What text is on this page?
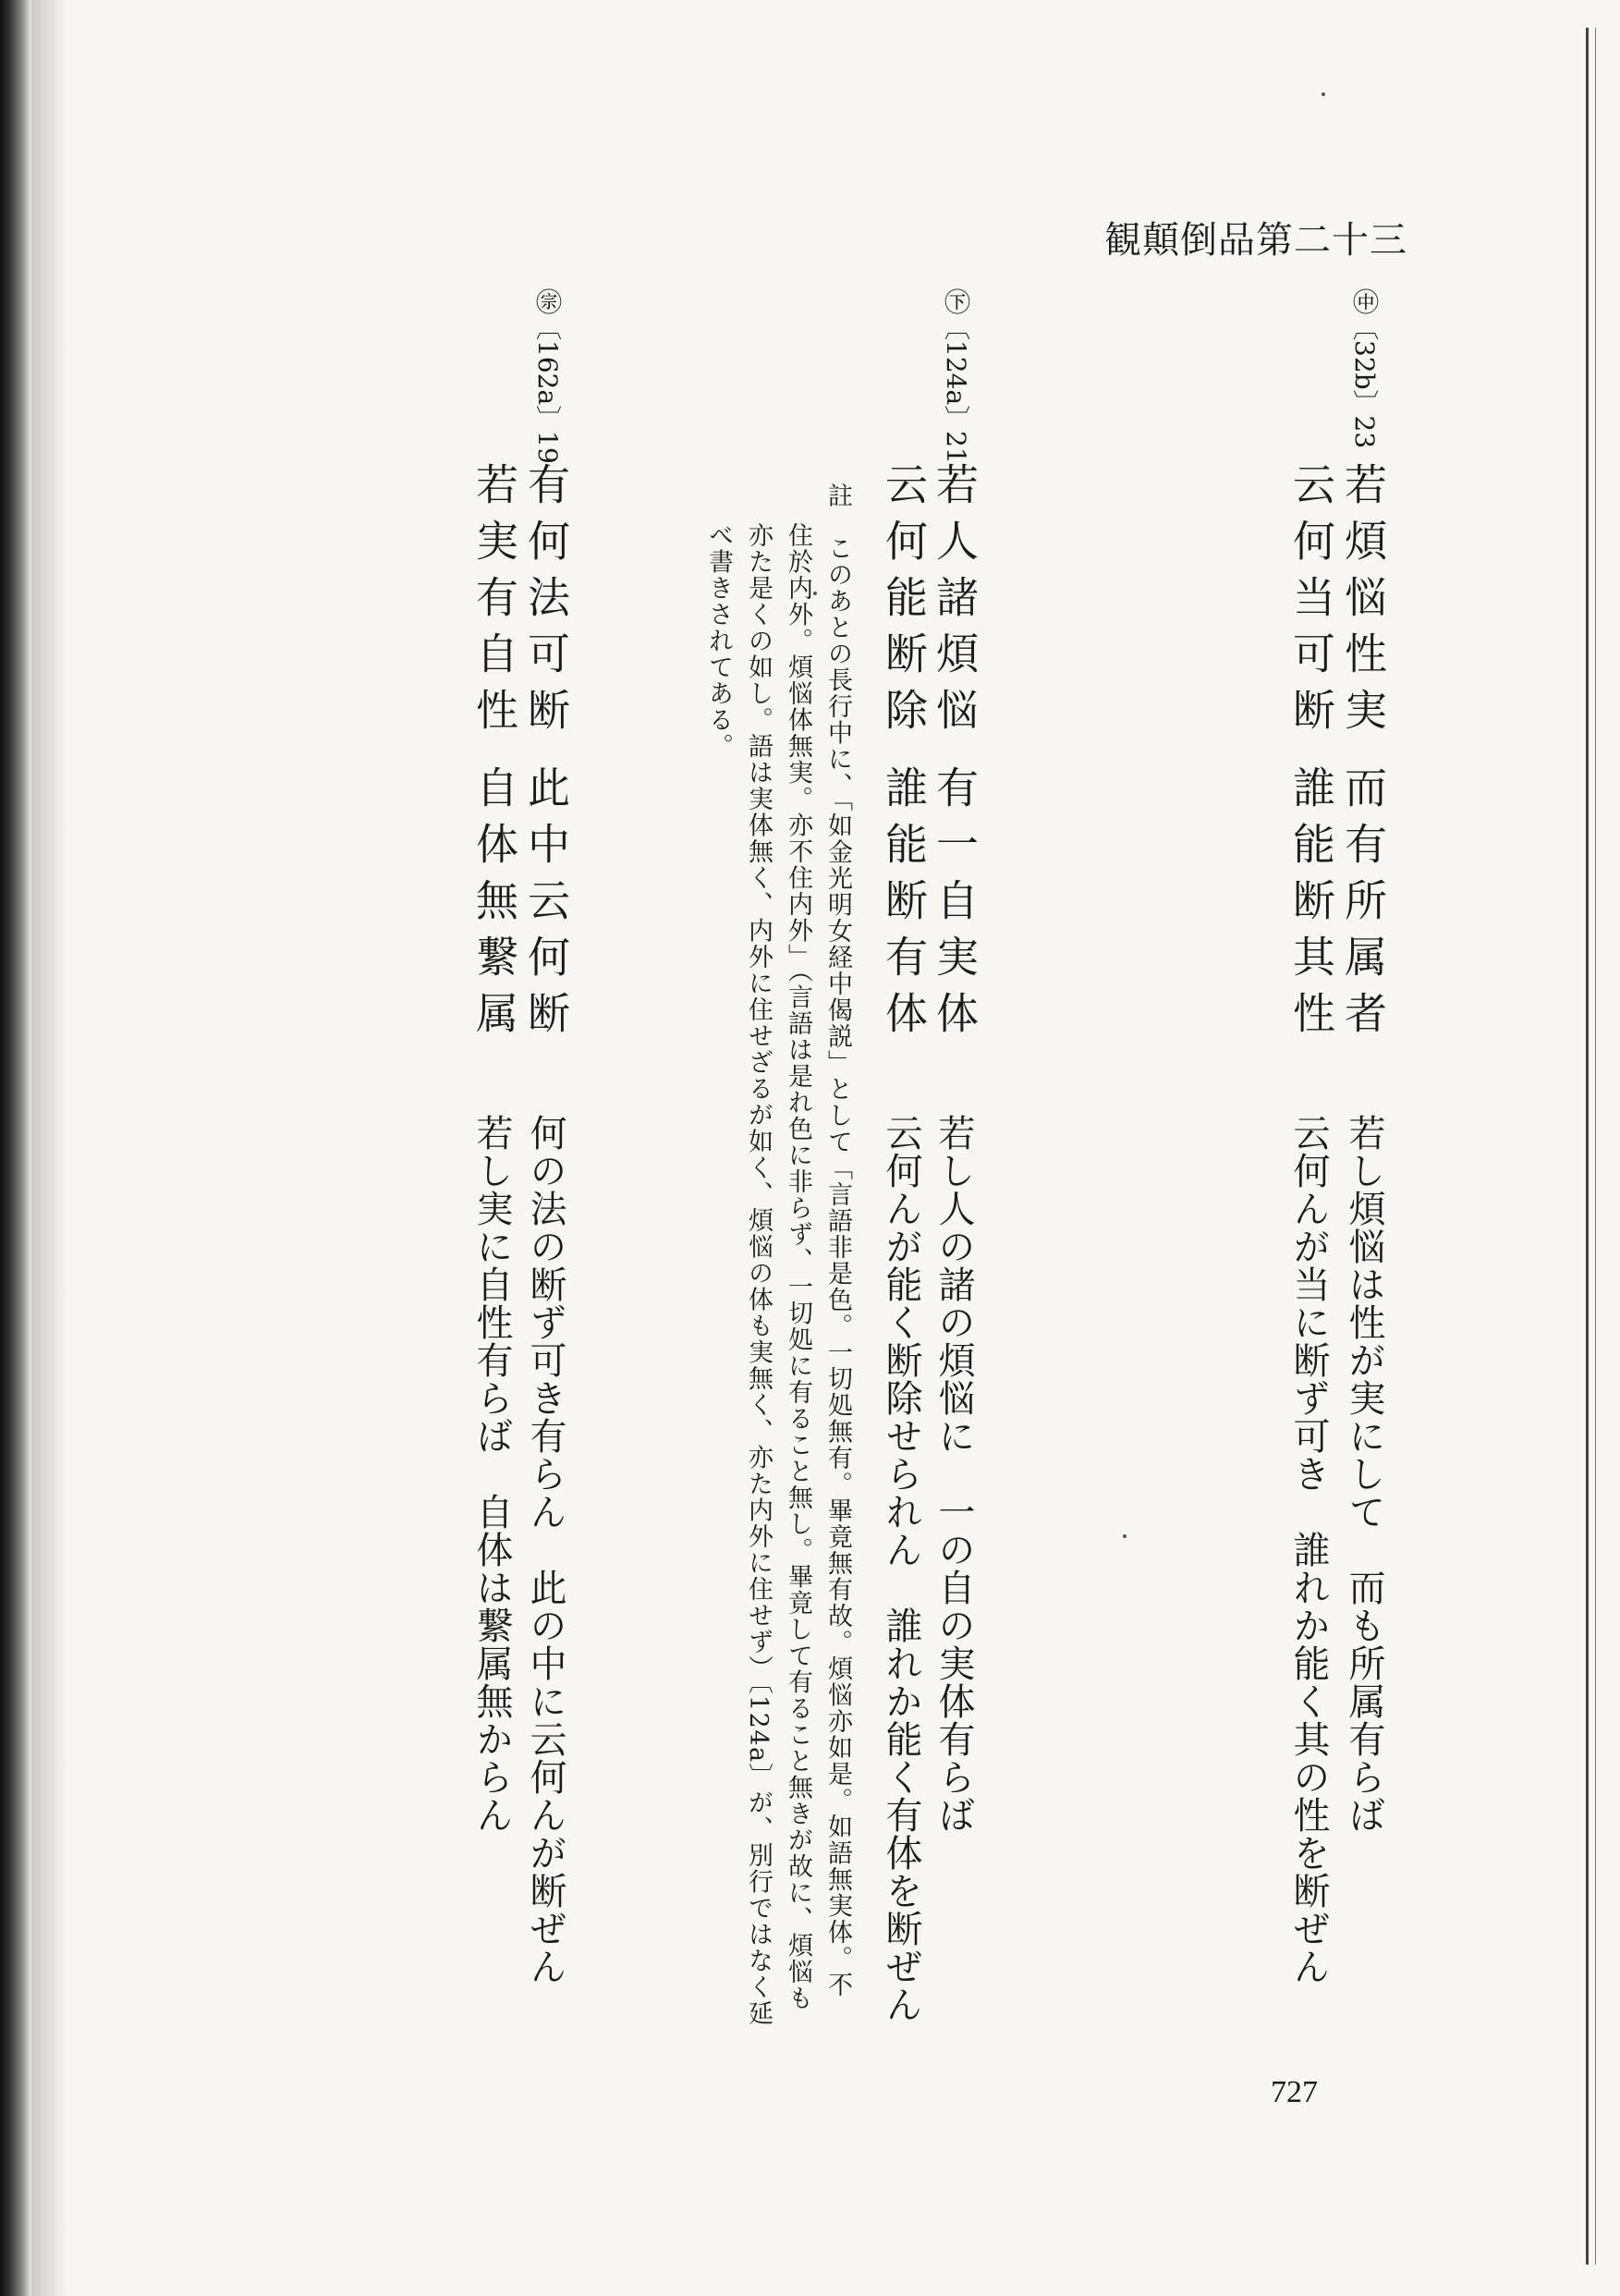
観顛倒品第二十三
㊥〔32b〕23
若煩悩性実
而有所属者
云何当可断
誰能断其性
若し煩悩は性が実にして　而も所属有らば
云何んが当に断ず可き　誰れか能く其の性を断ぜん
㊦〔124a〕21
若人諸煩悩
有一自実体
云何能断除
誰能断有体
若し人の諸の煩悩に　一の自の実体有らば
云何んが能く断除せられん　誰れか能く有体を断ぜん
註　このあとの長行中に、「如金光明女経中偈説」として「言語非是色。一切処無有。畢竟無有故。煩悩亦如是。如語無実体。不
住於内外。煩悩体無実。亦不住内外」（言語は是れ色に非らず、一切処に有ること無し。畢竟して有ること無きが故に、煩悩も
亦た是くの如し。語は実体無く、内外に住せざるが如く、煩悩の体も実無く、亦た内外に住せず）〔124a〕が、別行ではなく延
べ書きされてある。
㊪〔162a〕19
有何法可断
此中云何断
若実有自性
自体無繋属
何の法の断ず可き有らん　此の中に云何んが断ぜん
若し実に自性有らば　自体は繋属無からん
727
